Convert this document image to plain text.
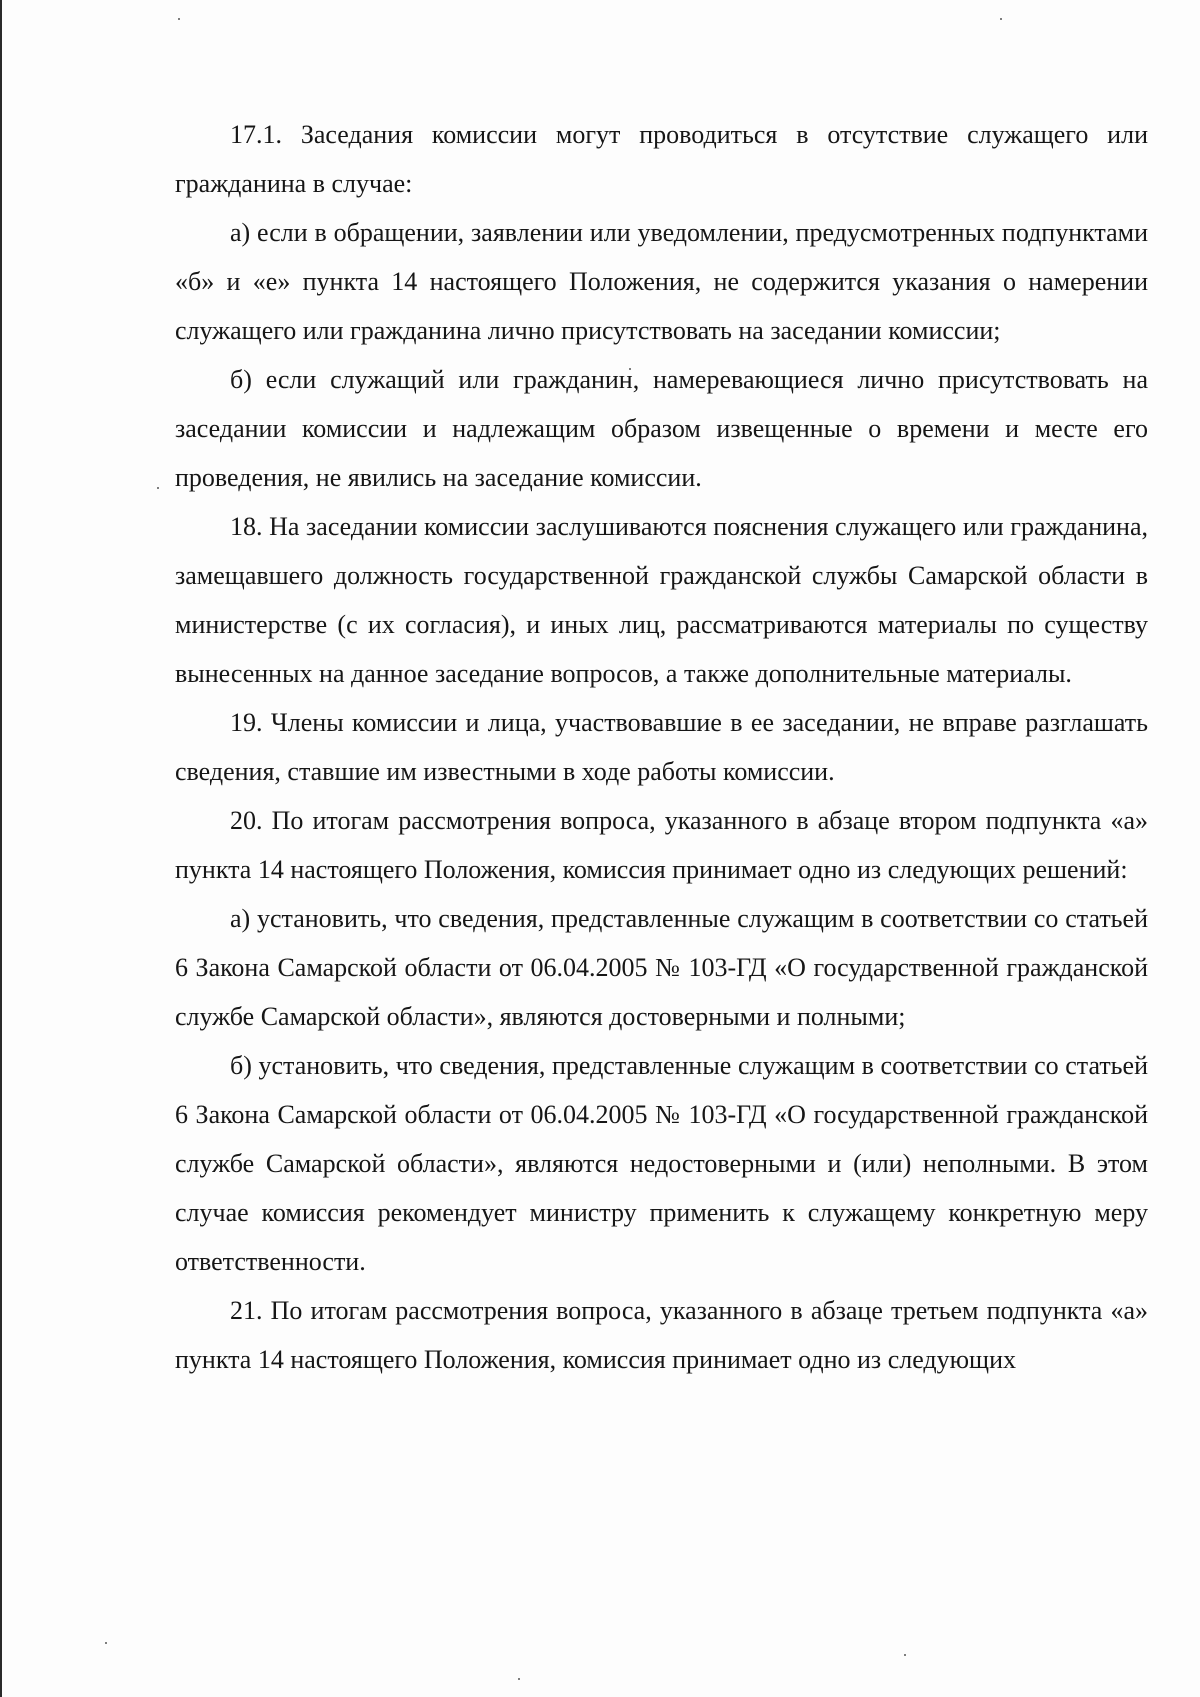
17.1. Заседания комиссии могут проводиться в отсутствие служащего или гражданина в случае:

а) если в обращении, заявлении или уведомлении, предусмотренных подпунктами «б» и «е» пункта 14 настоящего Положения, не содержится указания о намерении служащего или гражданина лично присутствовать на заседании комиссии;

б) если служащий или гражданин, намеревающиеся лично присутствовать на заседании комиссии и надлежащим образом извещенные о времени и месте его проведения, не явились на заседание комиссии.

18. На заседании комиссии заслушиваются пояснения служащего или гражданина, замещавшего должность государственной гражданской службы Самарской области в министерстве (с их согласия), и иных лиц, рассматриваются материалы по существу вынесенных на данное заседание вопросов, а также дополнительные материалы.

19. Члены комиссии и лица, участвовавшие в ее заседании, не вправе разглашать сведения, ставшие им известными в ходе работы комиссии.

20. По итогам рассмотрения вопроса, указанного в абзаце втором подпункта «а» пункта 14 настоящего Положения, комиссия принимает одно из следующих решений:

а) установить, что сведения, представленные служащим в соответствии со статьей 6 Закона Самарской области от 06.04.2005 № 103-ГД «О государственной гражданской службе Самарской области», являются достоверными и полными;

б) установить, что сведения, представленные служащим в соответствии со статьей 6 Закона Самарской области от 06.04.2005 № 103-ГД «О государственной гражданской службе Самарской области», являются недостоверными и (или) неполными. В этом случае комиссия рекомендует министру применить к служащему конкретную меру ответственности.

21. По итогам рассмотрения вопроса, указанного в абзаце третьем подпункта «а» пункта 14 настоящего Положения, комиссия принимает одно из следующих
